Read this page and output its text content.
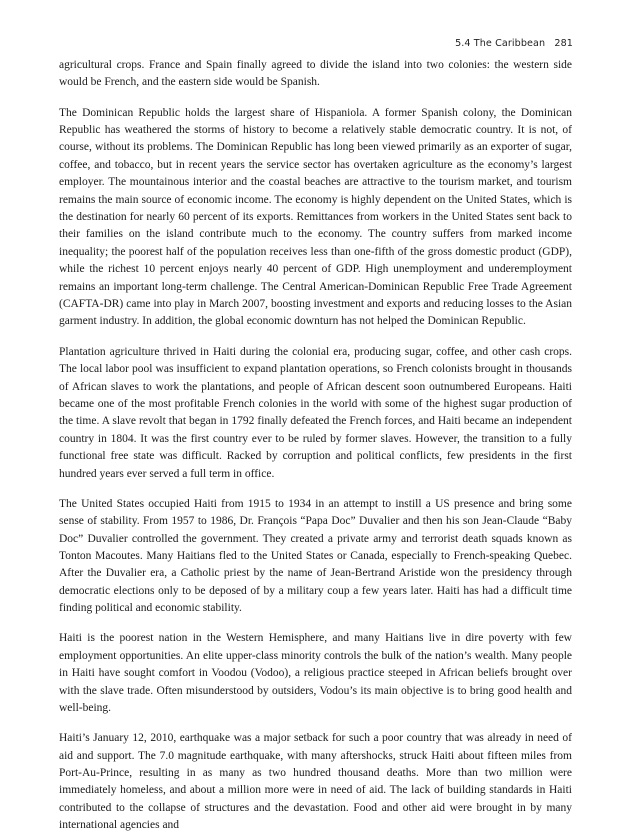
5.4 The Caribbean 281

agricultural crops. France and Spain finally agreed to divide the island into two colonies: the western side would be French, and the eastern side would be Spanish.

The Dominican Republic holds the largest share of Hispaniola. A former Spanish colony, the Dominican Republic has weathered the storms of history to become a relatively stable democratic country. It is not, of course, without its problems. The Dominican Republic has long been viewed primarily as an exporter of sugar, coffee, and tobacco, but in recent years the service sector has overtaken agriculture as the economy’s largest employer. The mountainous interior and the coastal beaches are attractive to the tourism market, and tourism remains the main source of economic income. The economy is highly dependent on the United States, which is the destination for nearly 60 percent of its exports. Remittances from workers in the United States sent back to their families on the island contribute much to the economy. The country suffers from marked income inequality; the poorest half of the population receives less than one-fifth of the gross domestic product (GDP), while the richest 10 percent enjoys nearly 40 percent of GDP. High unemployment and underemployment remains an important long-term challenge. The Central American-Dominican Republic Free Trade Agreement (CAFTA-DR) came into play in March 2007, boosting investment and exports and reducing losses to the Asian garment industry. In addition, the global economic downturn has not helped the Dominican Republic.

Plantation agriculture thrived in Haiti during the colonial era, producing sugar, coffee, and other cash crops. The local labor pool was insufficient to expand plantation operations, so French colonists brought in thousands of African slaves to work the plantations, and people of African descent soon outnumbered Europeans. Haiti became one of the most profitable French colonies in the world with some of the highest sugar production of the time. A slave revolt that began in 1792 finally defeated the French forces, and Haiti became an independent country in 1804. It was the first country ever to be ruled by former slaves. However, the transition to a fully functional free state was difficult. Racked by corruption and political conflicts, few presidents in the first hundred years ever served a full term in office.

The United States occupied Haiti from 1915 to 1934 in an attempt to instill a US presence and bring some sense of stability. From 1957 to 1986, Dr. François “Papa Doc” Duvalier and then his son Jean-Claude “Baby Doc” Duvalier controlled the government. They created a private army and terrorist death squads known as Tonton Macoutes. Many Haitians fled to the United States or Canada, especially to French-speaking Quebec. After the Duvalier era, a Catholic priest by the name of Jean-Bertrand Aristide won the presidency through democratic elections only to be deposed of by a military coup a few years later. Haiti has had a difficult time finding political and economic stability.

Haiti is the poorest nation in the Western Hemisphere, and many Haitians live in dire poverty with few employment opportunities. An elite upper-class minority controls the bulk of the nation’s wealth. Many people in Haiti have sought comfort in Voodou (Vodoo), a religious practice steeped in African beliefs brought over with the slave trade. Often misunderstood by outsiders, Vodou’s its main objective is to bring good health and well-being.

Haiti’s January 12, 2010, earthquake was a major setback for such a poor country that was already in need of aid and support. The 7.0 magnitude earthquake, with many aftershocks, struck Haiti about fifteen miles from Port-Au-Prince, resulting in as many as two hundred thousand deaths. More than two million were immediately homeless, and about a million more were in need of aid. The lack of building standards in Haiti contributed to the collapse of structures and the devastation. Food and other aid were brought in by many international agencies and
